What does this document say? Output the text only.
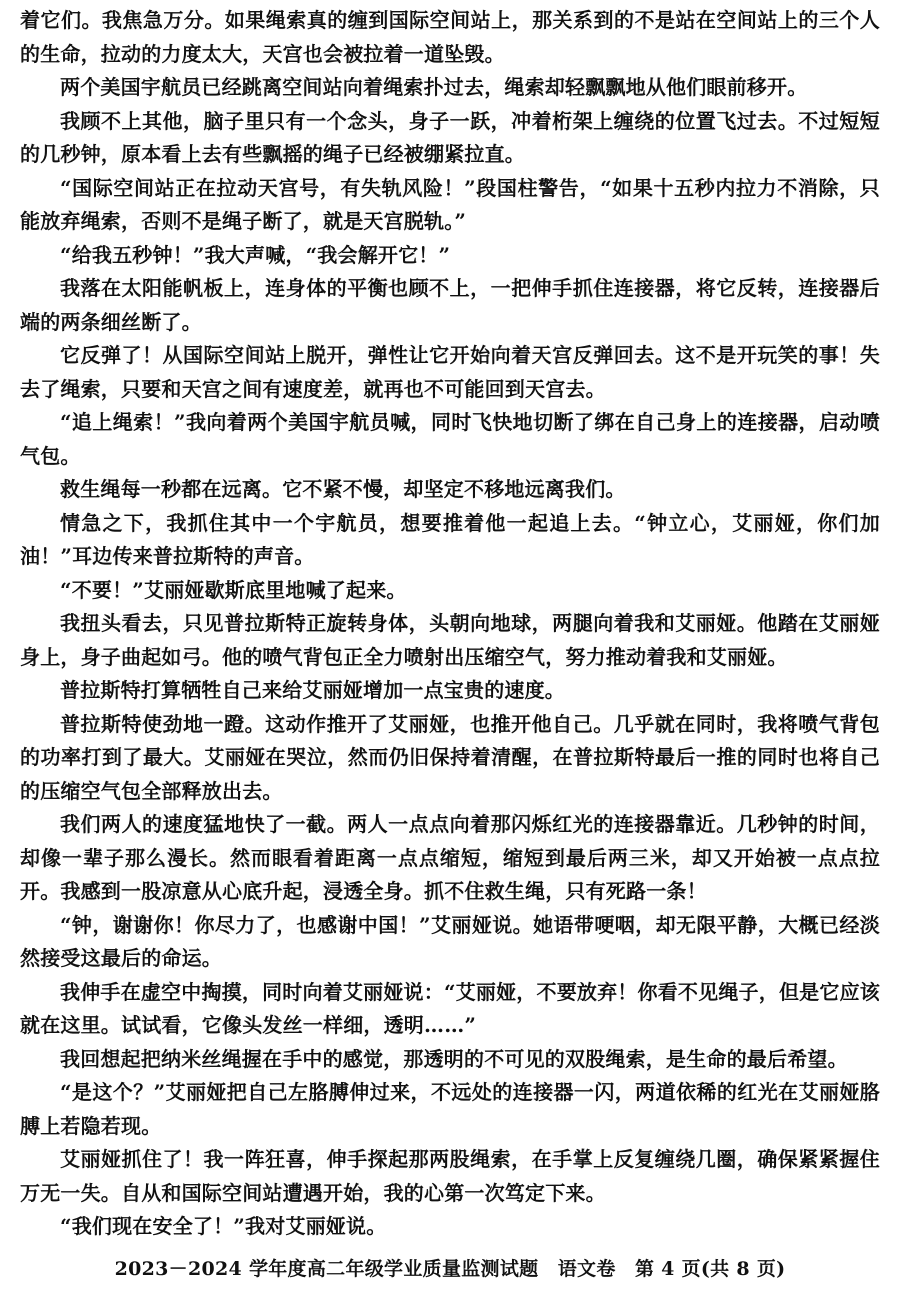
着它们。我焦急万分。如果绳索真的缠到国际空间站上，那关系到的不是站在空间站上的三个人的生命，拉动的力度太大，天宫也会被拉着一道坠毁。

两个美国宇航员已经跳离空间站向着绳索扑过去，绳索却轻飘飘地从他们眼前移开。

我顾不上其他，脑子里只有一个念头，身子一跃，冲着桁架上缠绕的位置飞过去。不过短短的几秒钟，原本看上去有些飘摇的绳子已经被绷紧拉直。

“国际空间站正在拉动天宫号，有失轨风险！”段国柱警告，“如果十五秒内拉力不消除，只能放弃绳索，否则不是绳子断了，就是天宫脱轨。”

“给我五秒钟！”我大声喊，“我会解开它！”

我落在太阳能帆板上，连身体的平衡也顾不上，一把伸手抓住连接器，将它反转，连接器后端的两条细丝断了。

它反弹了！从国际空间站上脱开，弹性让它开始向着天宫反弹回去。这不是开玩笑的事！失去了绳索，只要和天宫之间有速度差，就再也不可能回到天宫去。

“追上绳索！”我向着两个美国宇航员喊，同时飞快地切断了绑在自己身上的连接器，启动喷气包。

救生绳每一秒都在远离。它不紧不慢，却坚定不移地远离我们。

情急之下，我抓住其中一个宇航员，想要推着他一起追上去。“钟立心，艾丽娅，你们加油！”耳边传来普拉斯特的声音。

“不要！”艾丽娅歇斯底里地喊了起来。

我扭头看去，只见普拉斯特正旋转身体，头朝向地球，两腿向着我和艾丽娅。他踏在艾丽娅身上，身子曲起如弓。他的喷气背包正全力喷射出压缩空气，努力推动着我和艾丽娅。

普拉斯特打算牺牲自己来给艾丽娅增加一点宝贵的速度。

普拉斯特使劲地一蹬。这动作推开了艾丽娅，也推开他自己。几乎就在同时，我将喷气背包的功率打到了最大。艾丽娅在哭泣，然而仍旧保持着清醒，在普拉斯特最后一推的同时也将自己的压缩空气包全部释放出去。

我们两人的速度猛地快了一截。两人一点点向着那闪烁红光的连接器靠近。几秒钟的时间，却像一辈子那么漫长。然而眼看着距离一点点缩短，缩短到最后两三米，却又开始被一点点拉开。我感到一股凉意从心底升起，浸透全身。抓不住救生绳，只有死路一条！

“钟，谢谢你！你尽力了，也感谢中国！”艾丽娅说。她语带哽咽，却无限平静，大概已经淡然接受这最后的命运。

我伸手在虚空中掏摸，同时向着艾丽娅说：“艾丽娅，不要放弃！你看不见绳子，但是它应该就在这里。试试看，它像头发丝一样细，透明……”

我回想起把纳米丝绳握在手中的感觉，那透明的不可见的双股绳索，是生命的最后希望。

“是这个？”艾丽娅把自己左胳膊伸过来，不远处的连接器一闪，两道依稀的红光在艾丽娅胳膊上若隐若现。

艾丽娅抓住了！我一阵狂喜，伸手探起那两股绳索，在手掌上反复缠绕几圈，确保紧紧握住万无一失。自从和国际空间站遭遇开始，我的心第一次笃定下来。

“我们现在安全了！”我对艾丽娅说。

2023－2024 学年度高二年级学业质量监测试题　语文卷　第 4 页(共 8 页)
